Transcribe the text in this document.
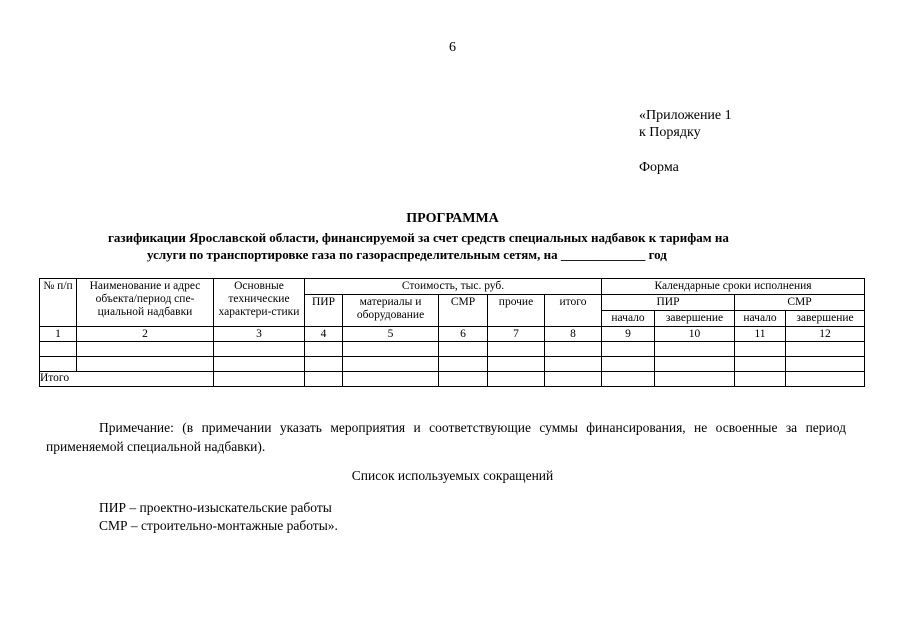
6
«Приложение 1
к Порядку
Форма
ПРОГРАММА
газификации Ярославской области, финансируемой за счет средств специальных надбавок к тарифам на
услуги по транспортировке газа по газораспределительным сетям, на _____________ год
№ п/п	Наименование и адрес объекта/период спе-циальной надбавки	Основные технические характери-стики	Стоимость, тыс. руб.					Календарные сроки исполнения			
			ПИР	материалы и оборудование	СМР	прочие	итого	ПИР		СМР	
								начало	завершение	начало	завершение
1	2	3	4	5	6	7	8	9	10	11	12

Итого											
Примечание: (в примечании указать мероприятия и соответствующие суммы финансирования, не освоенные за период применяемой специальной надбавки).
Список используемых сокращений
ПИР – проектно-изыскательские работы
СМР – строительно-монтажные работы».
